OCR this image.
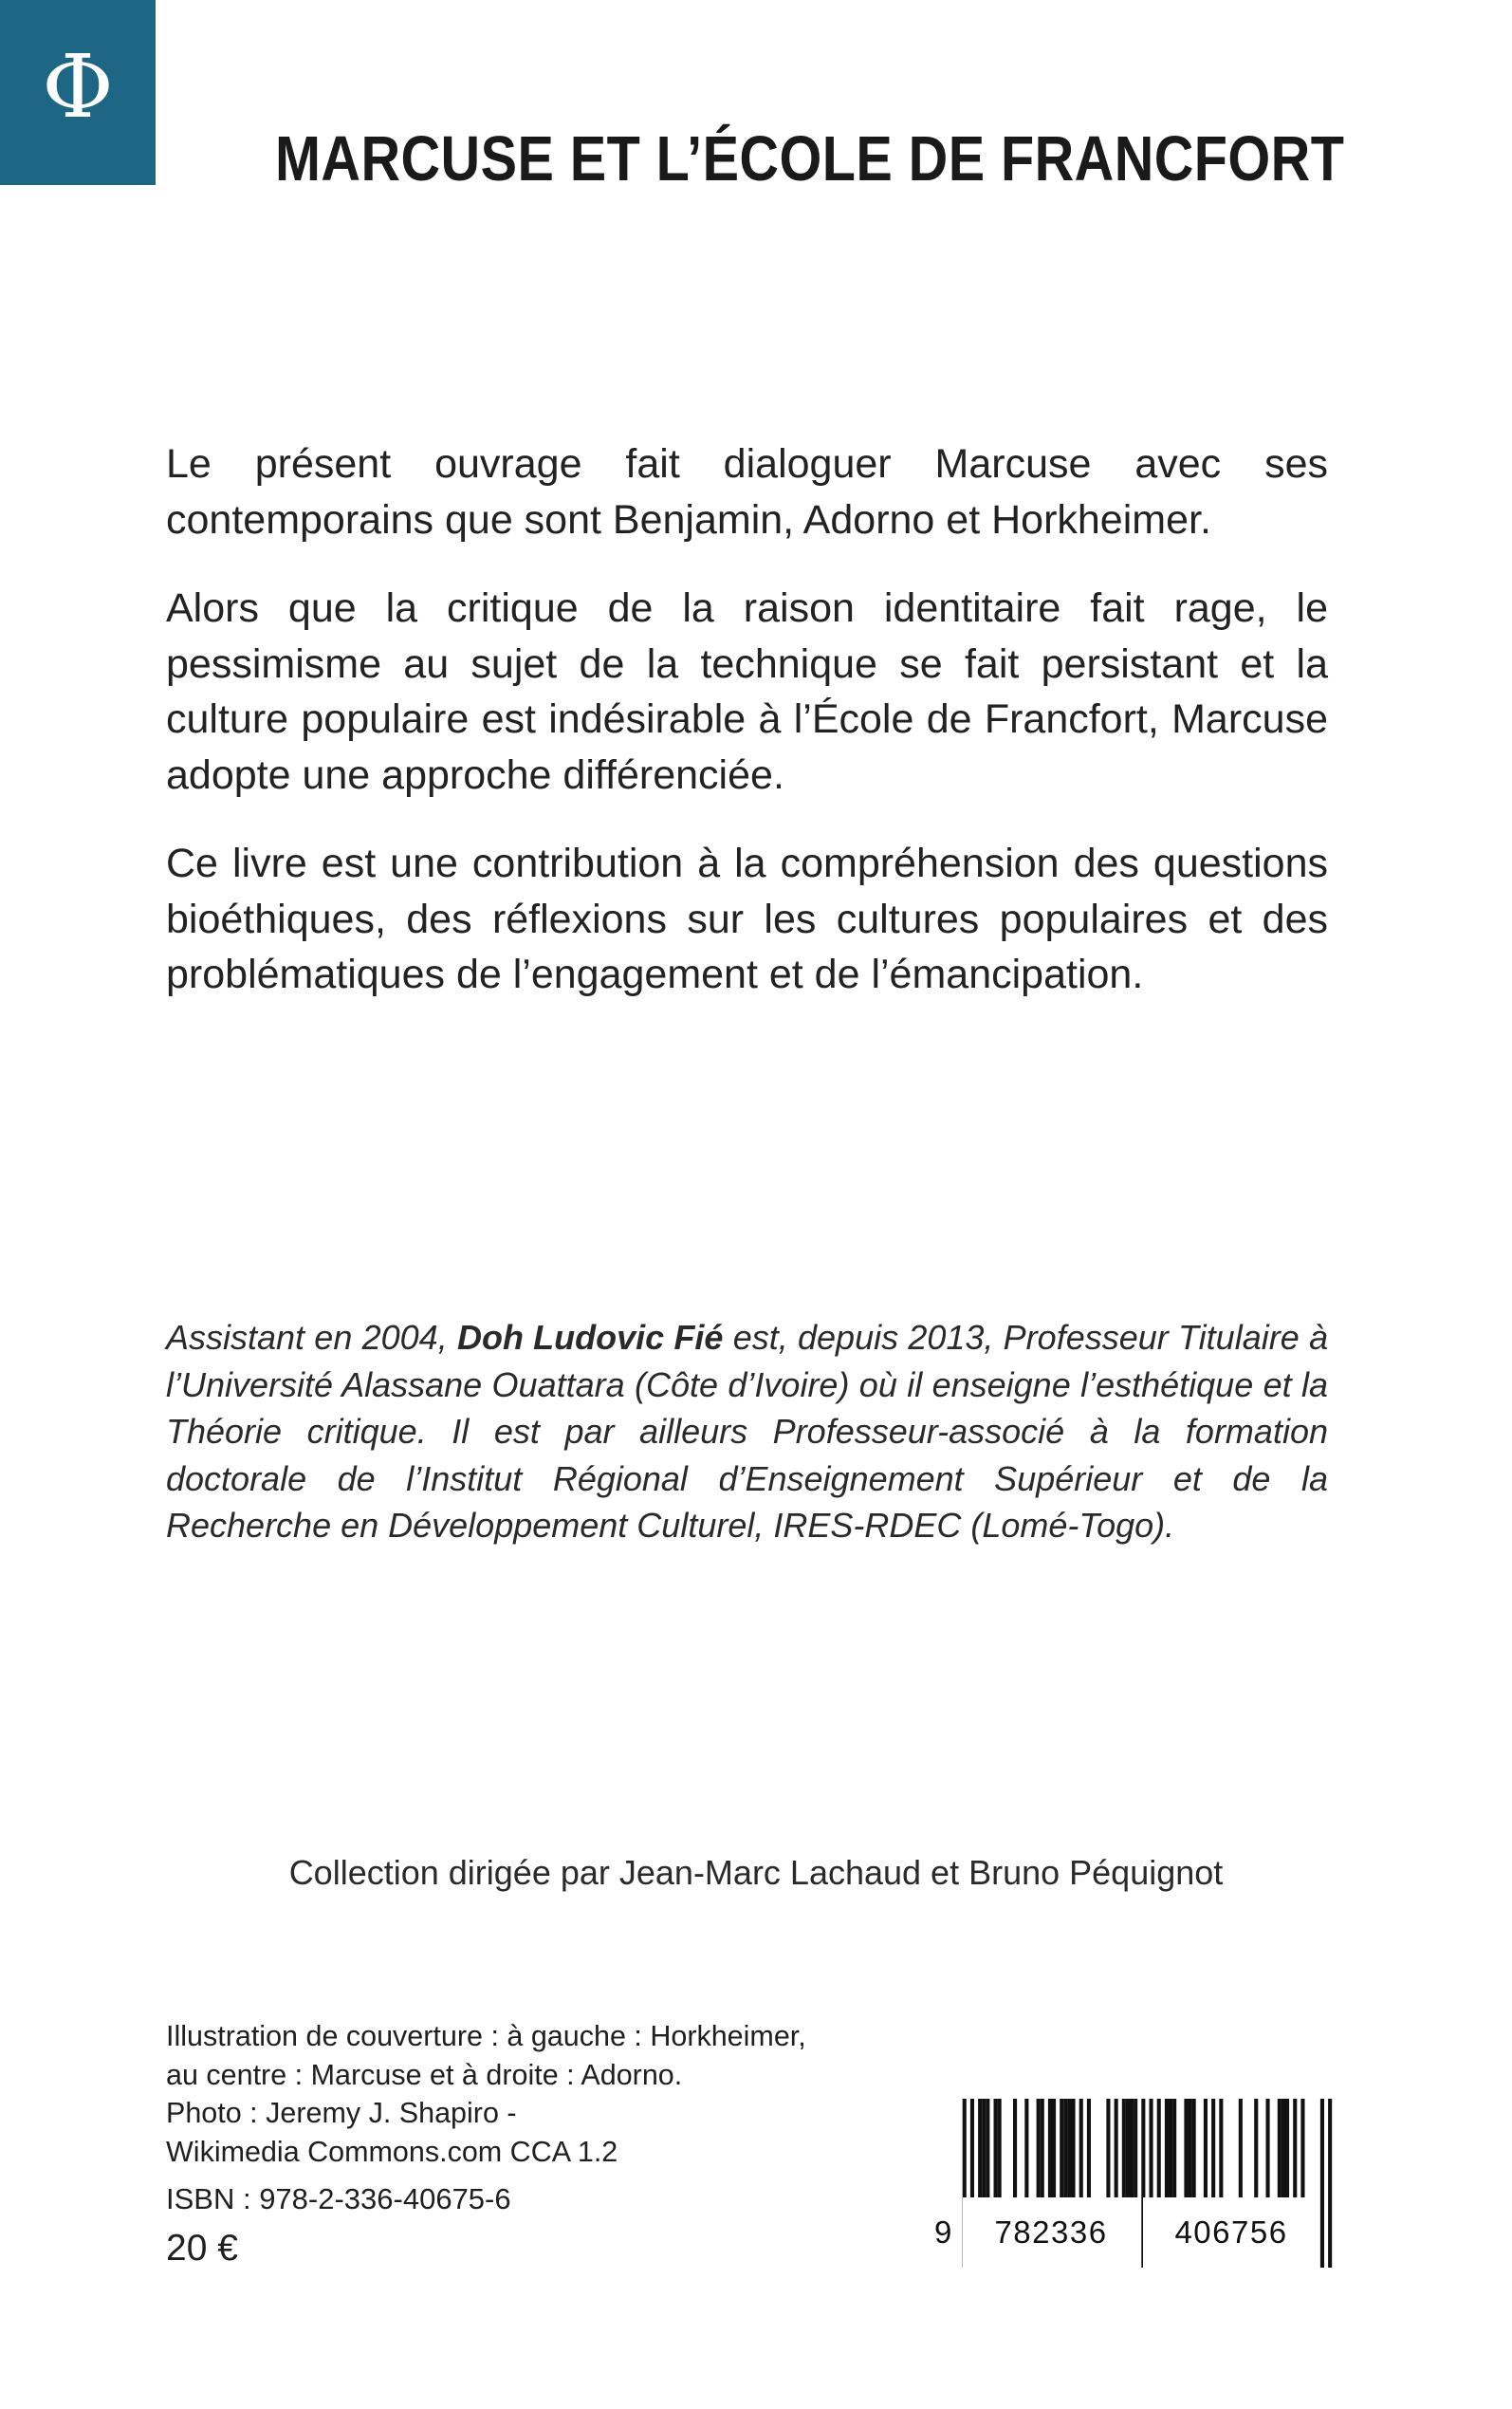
Φ
MARCUSE ET L’ÉCOLE DE FRANCFORT

Le présent ouvrage fait dialoguer Marcuse avec ses contemporains que sont Benjamin, Adorno et Horkheimer.

Alors que la critique de la raison identitaire fait rage, le pessimisme au sujet de la technique se fait persistant et la culture populaire est indésirable à l’École de Francfort, Marcuse adopte une approche différenciée.

Ce livre est une contribution à la compréhension des questions bioéthiques, des réflexions sur les cultures populaires et des problématiques de l’engagement et de l’émancipation.

Assistant en 2004, Doh Ludovic Fié est, depuis 2013, Professeur Titulaire à l’Université Alassane Ouattara (Côte d’Ivoire) où il enseigne l’esthétique et la Théorie critique. Il est par ailleurs Professeur-associé à la formation doctorale de l’Institut Régional d’Enseignement Supérieur et de la Recherche en Développement Culturel, IRES-RDEC (Lomé-Togo).

Collection dirigée par Jean-Marc Lachaud et Bruno Péquignot
Illustration de couverture : à gauche : Horkheimer,
au centre : Marcuse et à droite : Adorno.
Photo : Jeremy J. Shapiro -
Wikimedia Commons.com CCA 1.2
ISBN : 978-2-336-40675-6
20 €	9	782336	406756
